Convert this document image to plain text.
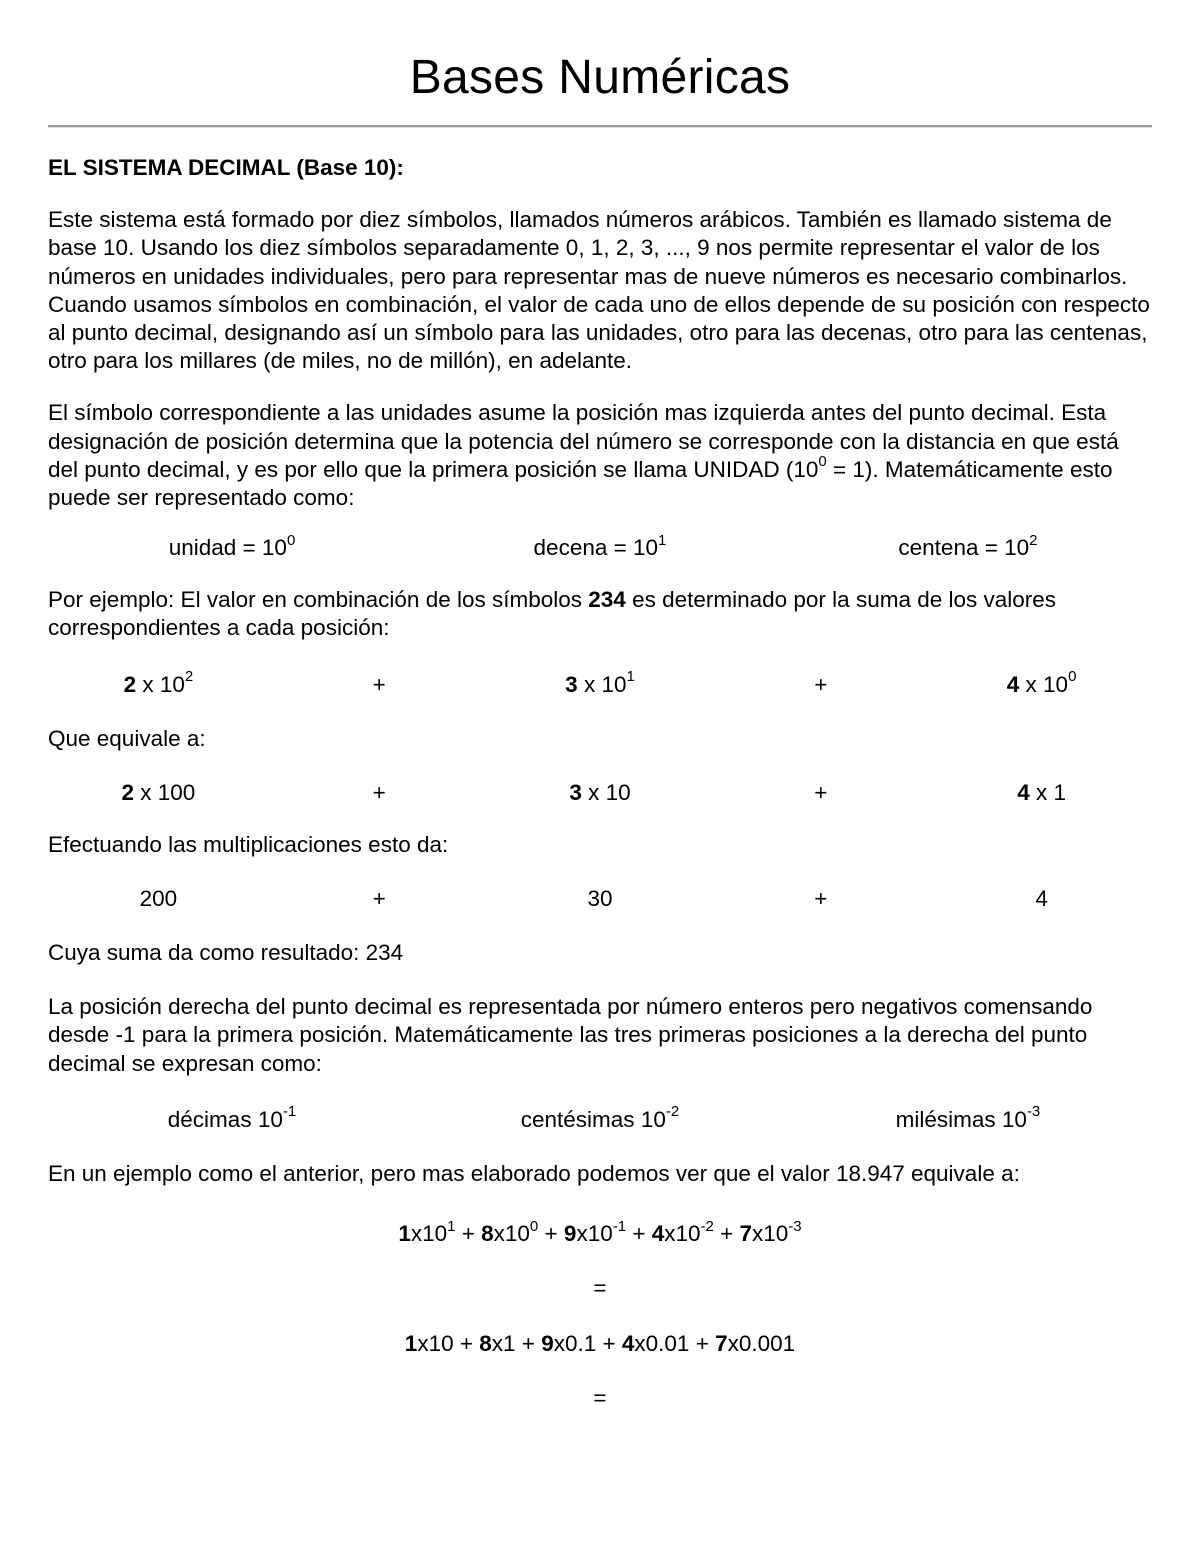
Bases Numéricas

EL SISTEMA DECIMAL (Base 10):

Este sistema está formado por diez símbolos, llamados números arábicos. También es llamado sistema de base 10. Usando los diez símbolos separadamente 0, 1, 2, 3, ..., 9 nos permite representar el valor de los números en unidades individuales, pero para representar mas de nueve números es necesario combinarlos. Cuando usamos símbolos en combinación, el valor de cada uno de ellos depende de su posición con respecto al punto decimal, designando así un símbolo para las unidades, otro para las decenas, otro para las centenas, otro para los millares (de miles, no de millón), en adelante.

El símbolo correspondiente a las unidades asume la posición mas izquierda antes del punto decimal. Esta designación de posición determina que la potencia del número se corresponde con la distancia en que está del punto decimal, y es por ello que la primera posición se llama UNIDAD $(10^0 = 1)$. Matemáticamente esto puede ser representado como:

unidad = $10^0$	decena = $10^1$	centena = $10^2$

Por ejemplo: El valor en combinación de los símbolos 234 es determinado por la suma de los valores correspondientes a cada posición:

2 x $10^2$	+	3 x $10^1$	+	4 x $10^0$

Que equivale a:

2 x 100	+	3 x 10	+	4 x 1

Efectuando las multiplicaciones esto da:

200	+	30	+	4

Cuya suma da como resultado: 234

La posición derecha del punto decimal es representada por número enteros pero negativos comensando desde -1 para la primera posición. Matemáticamente las tres primeras posiciones a la derecha del punto decimal se expresan como:

décimas $10^{-1}$	centésimas $10^{-2}$	milésimas $10^{-3}$

En un ejemplo como el anterior, pero mas elaborado podemos ver que el valor 18.947 equivale a:

$1x10^1 + 8x10^0 + 9x10^{-1} + 4x10^{-2} + 7x10^{-3}$
=
1x10 + 8x1 + 9x0.1 + 4x0.01 + 7x0.001
=
